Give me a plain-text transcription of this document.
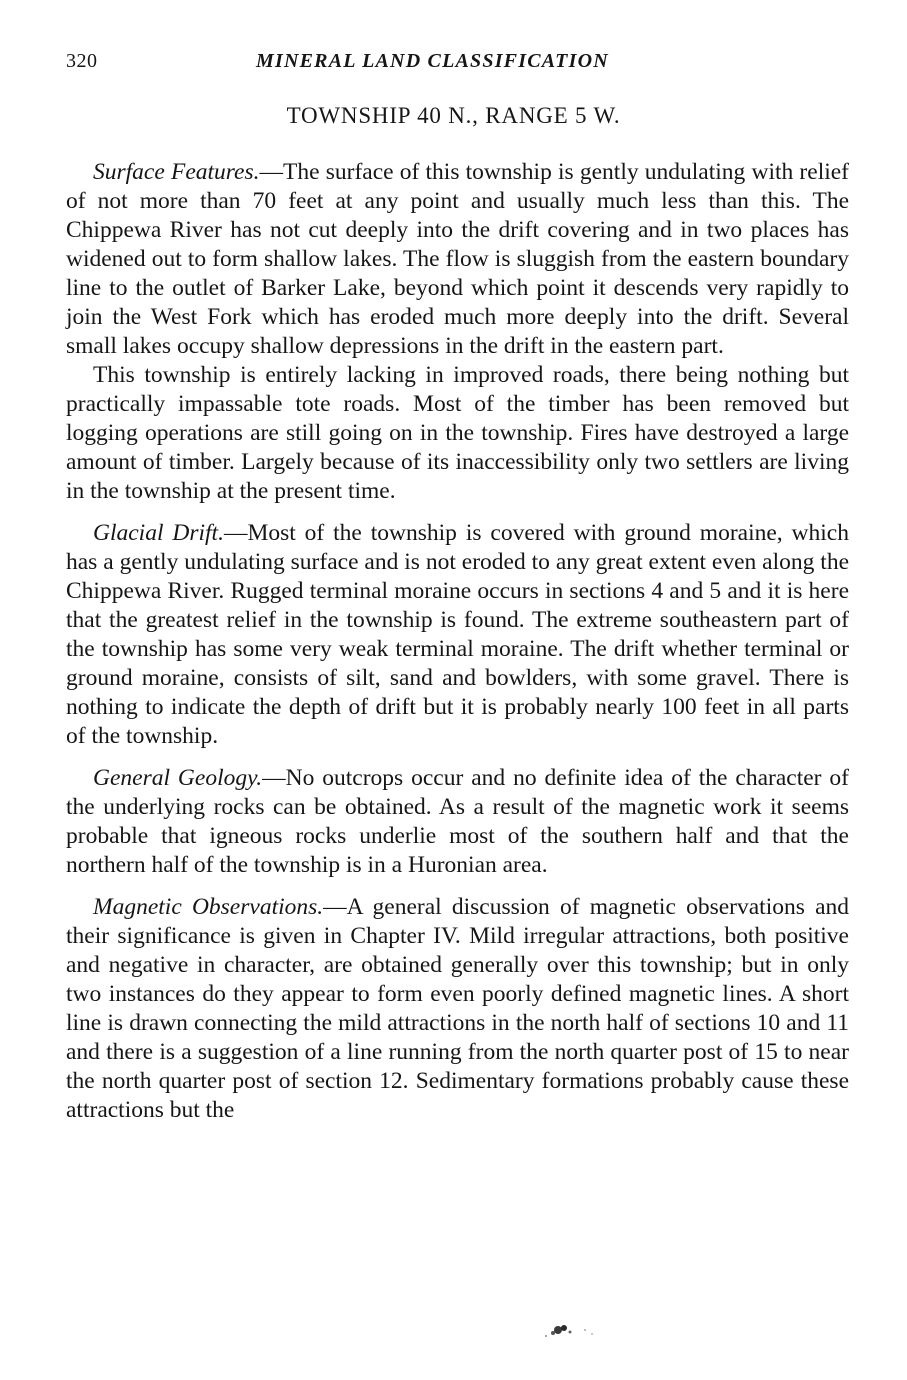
320	MINERAL LAND CLASSIFICATION
TOWNSHIP 40 N., RANGE 5 W.

Surface Features.—The surface of this township is gently undulating with relief of not more than 70 feet at any point and usually much less than this. The Chippewa River has not cut deeply into the drift covering and in two places has widened out to form shallow lakes. The flow is sluggish from the eastern boundary line to the outlet of Barker Lake, beyond which point it descends very rapidly to join the West Fork which has eroded much more deeply into the drift. Several small lakes occupy shallow depressions in the drift in the eastern part.

This township is entirely lacking in improved roads, there being nothing but practically impassable tote roads. Most of the timber has been removed but logging operations are still going on in the township. Fires have destroyed a large amount of timber. Largely because of its inaccessibility only two settlers are living in the township at the present time.

Glacial Drift.—Most of the township is covered with ground moraine, which has a gently undulating surface and is not eroded to any great extent even along the Chippewa River. Rugged terminal moraine occurs in sections 4 and 5 and it is here that the greatest relief in the township is found. The extreme southeastern part of the township has some very weak terminal moraine. The drift whether terminal or ground moraine, consists of silt, sand and bowlders, with some gravel. There is nothing to indicate the depth of drift but it is probably nearly 100 feet in all parts of the township.

General Geology.—No outcrops occur and no definite idea of the character of the underlying rocks can be obtained. As a result of the magnetic work it seems probable that igneous rocks underlie most of the southern half and that the northern half of the township is in a Huronian area.

Magnetic Observations.—A general discussion of magnetic observations and their significance is given in Chapter IV. Mild irregular attractions, both positive and negative in character, are obtained generally over this township; but in only two instances do they appear to form even poorly defined magnetic lines. A short line is drawn connecting the mild attractions in the north half of sections 10 and 11 and there is a suggestion of a line running from the north quarter post of 15 to near the north quarter post of section 12. Sedimentary formations probably cause these attractions but the
